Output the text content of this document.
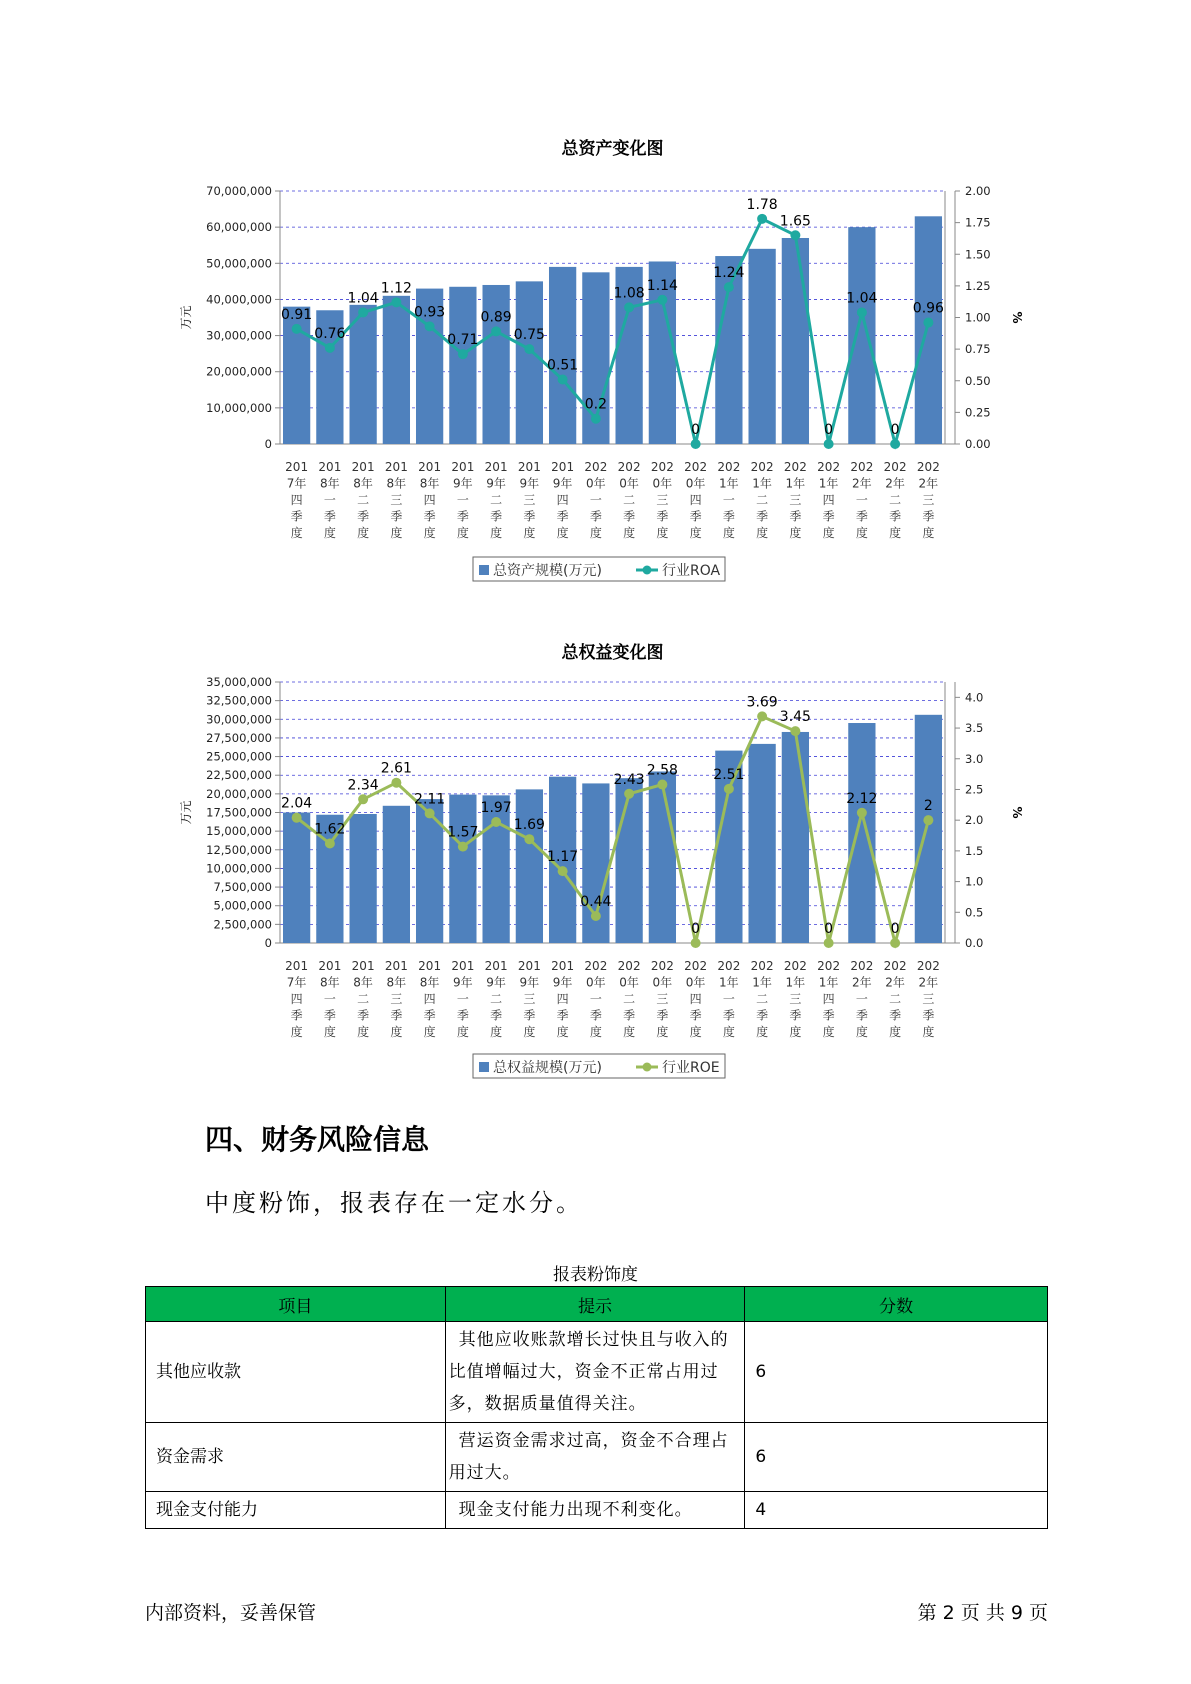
总资产变化图
0
10,000,000
20,000,000
30,000,000
40,000,000
50,000,000
60,000,000
70,000,000
0.00
0.25
0.50
0.75
1.00
1.25
1.50
1.75
2.00
万元	%
201 7年四季度
201 8年一季度
201 8年二季度
201 8年三季度
201 8年四季度
201 9年一季度
201 9年二季度
201 9年三季度
201 9年四季度
202 0年一季度
202 0年二季度
202 0年三季度
202 0年四季度
202 1年一季度
202 1年二季度
202 1年三季度
202 1年四季度
202 2年一季度
202 2年二季度
202 2年三季度
0.91
0.76
1.04
1.12
0.93
0.71
0.89
0.75
0.51
0.2
1.08 1.14
0
1.24
1.78
1.65
0
1.04
0
0.96
总资产规模(万元)	行业ROA
总权益变化图
0
2,500,000
5,000,000
7,500,000
10,000,000
12,500,000
15,000,000
17,500,000
20,000,000
22,500,000
25,000,000
27,500,000
30,000,000
32,500,000
35,000,000
0.0
0.5
1.0
1.5
2.0
2.5
3.0
3.5
4.0
万元	%
201 7年四季度
201 8年一季度
201 8年二季度
201 8年三季度
201 8年四季度
201 9年一季度
201 9年二季度
201 9年三季度
201 9年四季度
202 0年一季度
202 0年二季度
202 0年三季度
202 0年四季度
202 1年一季度
202 1年二季度
202 1年三季度
202 1年四季度
202 2年一季度
202 2年二季度
202 2年三季度
2.04
1.62
2.34
2.61
2.11
1.57
1.97
1.69
1.17
0.44
2.43
2.58
0
2.51
3.69
3.45
0
2.12
0
2
总权益规模(万元)	行业ROE
四、财务风险信息
中度粉饰，报表存在一定水分。
报表粉饰度
项目	提示	分数
其他应收款	其他应收账款增长过快且与收入的比值增幅过大，资金不正常占用过多，数据质量值得关注。	6
资金需求	营运资金需求过高，资金不合理占用过大。	6
现金支付能力	现金支付能力出现不利变化。	4
内部资料，妥善保管	第 2 页 共 9 页
